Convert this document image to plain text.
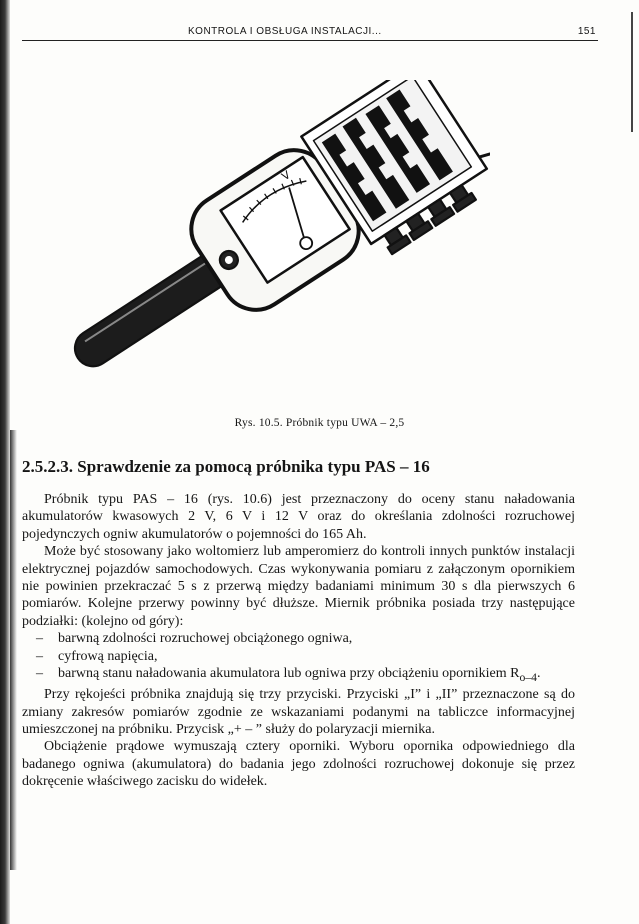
KONTROLA I OBSŁUGA INSTALACJI...	151
V
Rys. 10.5. Próbnik typu UWA – 2,5
2.5.2.3. Sprawdzenie za pomocą próbnika typu PAS – 16

Próbnik typu PAS – 16 (rys. 10.6) jest przeznaczony do oceny stanu naładowania akumulatorów kwasowych 2 V, 6 V i 12 V oraz do określania zdolności rozruchowej pojedynczych ogniw akumulatorów o pojemności do 165 Ah.

Może być stosowany jako woltomierz lub amperomierz do kontroli innych punktów instalacji elektrycznej pojazdów samochodowych. Czas wykonywania pomiaru z załączonym opornikiem nie powinien przekraczać 5 s z przerwą między badaniami minimum 30 s dla pierwszych 6 pomiarów. Kolejne przerwy powinny być dłuższe. Miernik próbnika posiada trzy następujące podziałki: (kolejno od góry):

– barwną zdolności rozruchowej obciążonego ogniwa,
– cyfrową napięcia,
– barwną stanu naładowania akumulatora lub ogniwa przy obciążeniu opornikiem $R_{o-4}$.

Przy rękojeści próbnika znajdują się trzy przyciski. Przyciski „I” i „II” przeznaczone są do zmiany zakresów pomiarów zgodnie ze wskazaniami podanymi na tabliczce informacyjnej umieszczonej na próbniku. Przycisk „+ – ” służy do polaryzacji miernika.

Obciążenie prądowe wymuszają cztery oporniki. Wyboru opornika odpowiedniego dla badanego ogniwa (akumulatora) do badania jego zdolności rozruchowej dokonuje się przez dokręcenie właściwego zacisku do widełek.
